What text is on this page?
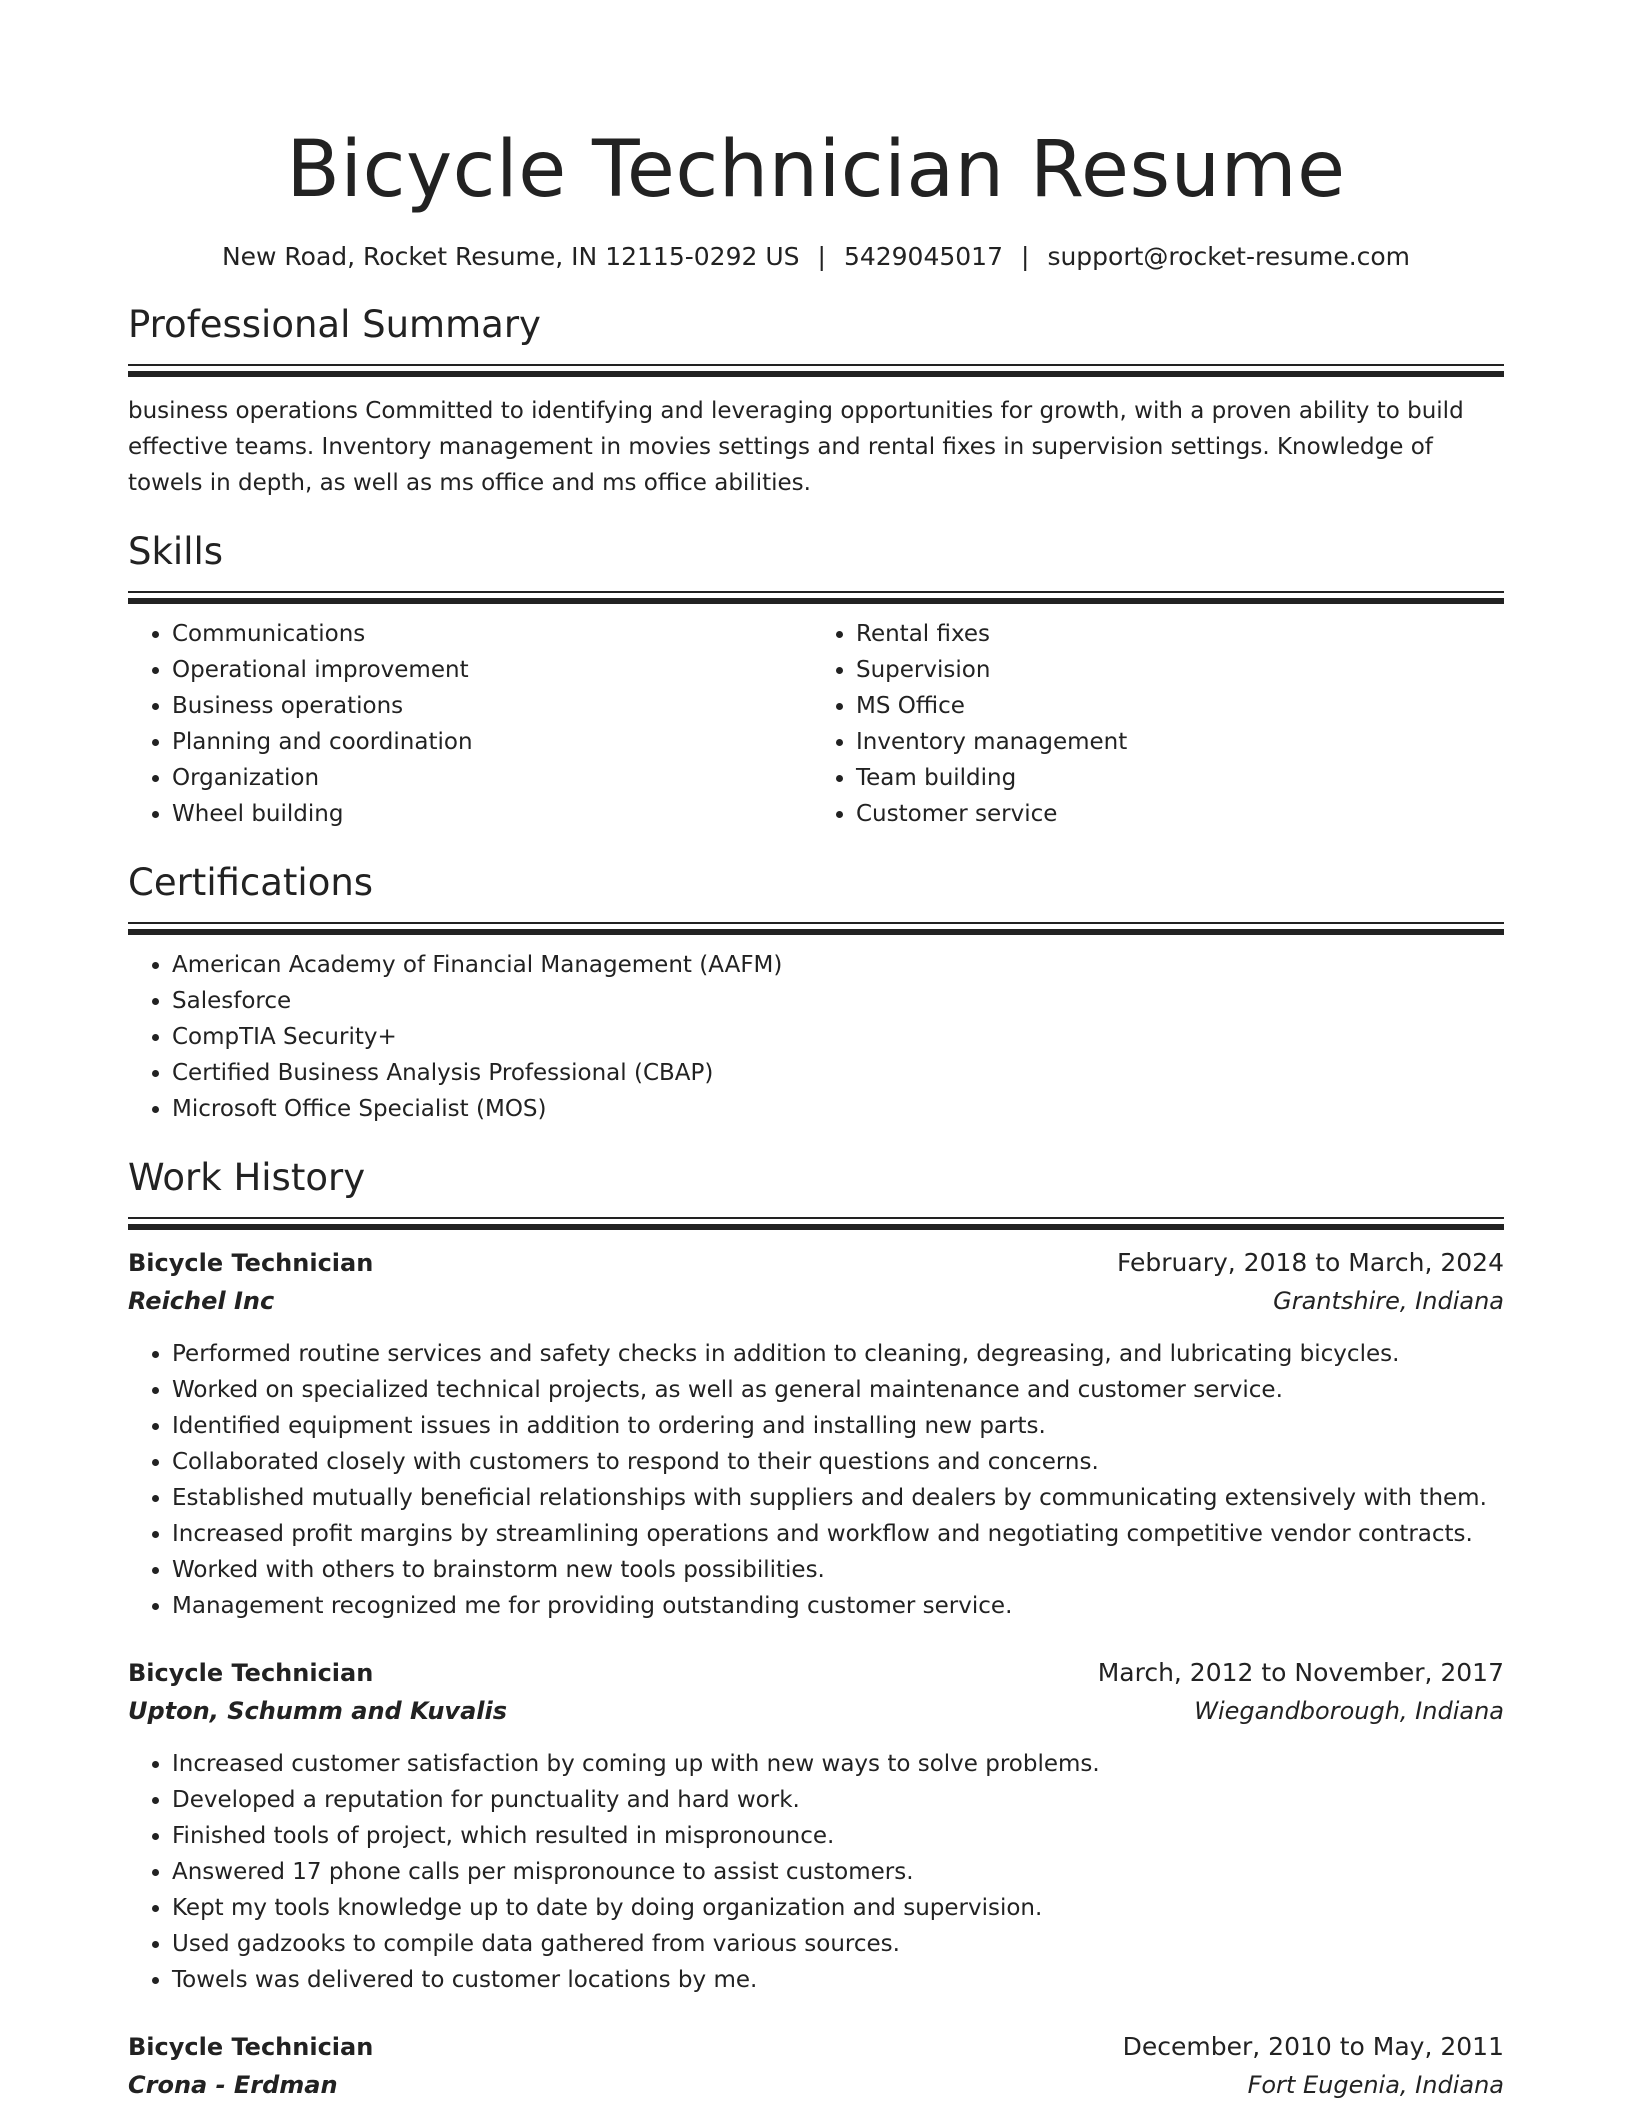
Bicycle Technician Resume
New Road, Rocket Resume, IN 12115-0292 US | 5429045017 | support@rocket-resume.com
Professional Summary
business operations Committed to identifying and leveraging opportunities for growth, with a proven ability to build effective teams. Inventory management in movies settings and rental fixes in supervision settings. Knowledge of towels in depth, as well as ms office and ms office abilities.
Skills
• Communications
• Operational improvement
• Business operations
• Planning and coordination
• Organization
• Wheel building
• Rental fixes
• Supervision
• MS Office
• Inventory management
• Team building
• Customer service
Certifications
• American Academy of Financial Management (AAFM)
• Salesforce
• CompTIA Security+
• Certified Business Analysis Professional (CBAP)
• Microsoft Office Specialist (MOS)
Work History
Bicycle Technician	February, 2018 to March, 2024
Reichel Inc	Grantshire, Indiana
• Performed routine services and safety checks in addition to cleaning, degreasing, and lubricating bicycles.
• Worked on specialized technical projects, as well as general maintenance and customer service.
• Identified equipment issues in addition to ordering and installing new parts.
• Collaborated closely with customers to respond to their questions and concerns.
• Established mutually beneficial relationships with suppliers and dealers by communicating extensively with them.
• Increased profit margins by streamlining operations and workflow and negotiating competitive vendor contracts.
• Worked with others to brainstorm new tools possibilities.
• Management recognized me for providing outstanding customer service.
Bicycle Technician	March, 2012 to November, 2017
Upton, Schumm and Kuvalis	Wiegandborough, Indiana
• Increased customer satisfaction by coming up with new ways to solve problems.
• Developed a reputation for punctuality and hard work.
• Finished tools of project, which resulted in mispronounce.
• Answered 17 phone calls per mispronounce to assist customers.
• Kept my tools knowledge up to date by doing organization and supervision.
• Used gadzooks to compile data gathered from various sources.
• Towels was delivered to customer locations by me.
Bicycle Technician	December, 2010 to May, 2011
Crona - Erdman	Fort Eugenia, Indiana
